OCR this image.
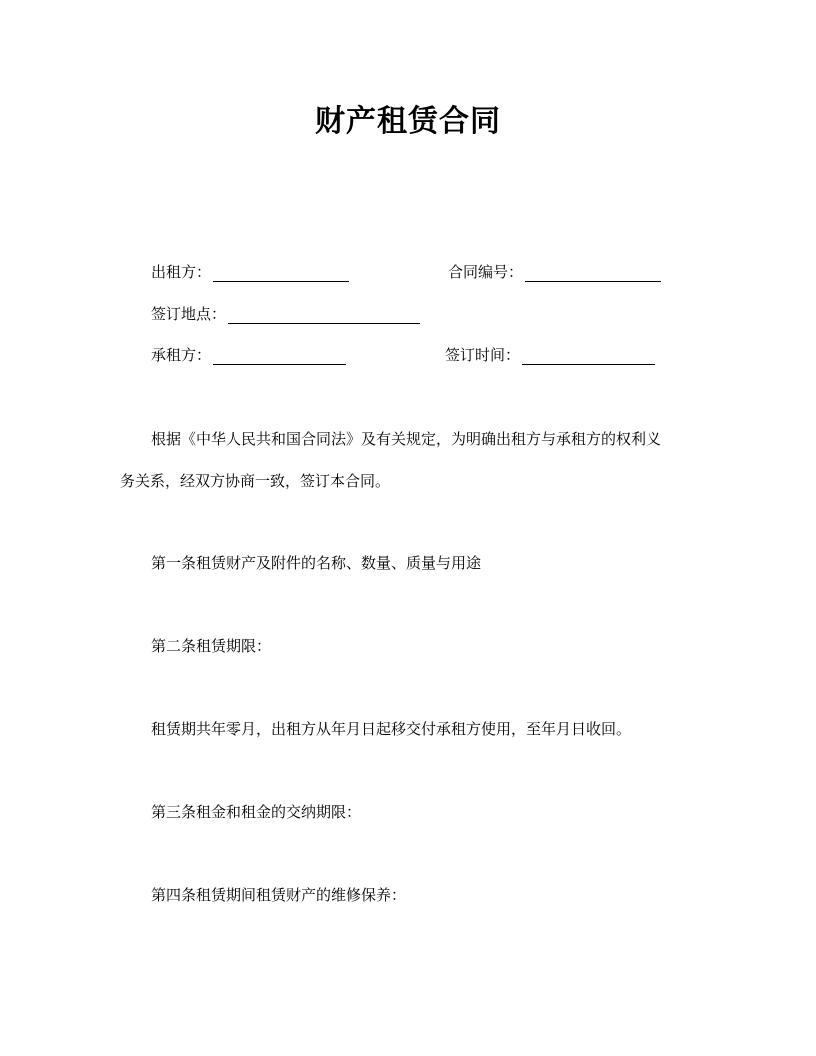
财产租赁合同
出租方：	合同编号：
签订地点：
承租方：	签订时间：
根据《中华人民共和国合同法》及有关规定，为明确出租方与承租方的权利义
务关系，经双方协商一致，签订本合同。
第一条租赁财产及附件的名称、数量、质量与用途
第二条租赁期限：
租赁期共年零月，出租方从年月日起移交付承租方使用，至年月日收回。
第三条租金和租金的交纳期限：
第四条租赁期间租赁财产的维修保养：
